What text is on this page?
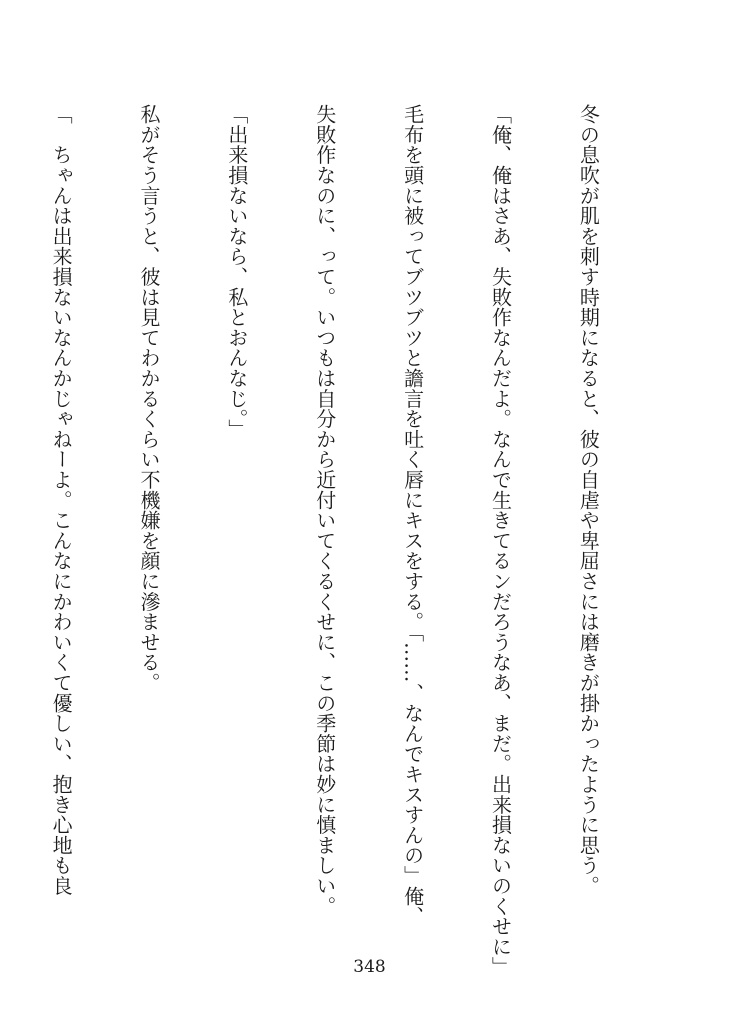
冬の息吹が肌を刺す時期になると、彼の自虐や卑屈さには磨きが掛かったように思う。

「俺、俺はさあ、失敗作なんだよ。なんで生きてるンだろうなあ、まだ。出来損ないのくせに」

毛布を頭に被ってブツブツと譫言を吐く唇にキスをする。「……、なんでキスすんの」俺、

失敗作なのに、って。いつもは自分から近付いてくるくせに、この季節は妙に慎ましい。

「出来損ないなら、私とおんなじ。」

私がそう言うと、彼は見てわかるくらい不機嫌を顔に滲ませる。

「　ちゃんは出来損ないなんかじゃねーよ。こんなにかわいくて優しい、抱き心地も良

348
